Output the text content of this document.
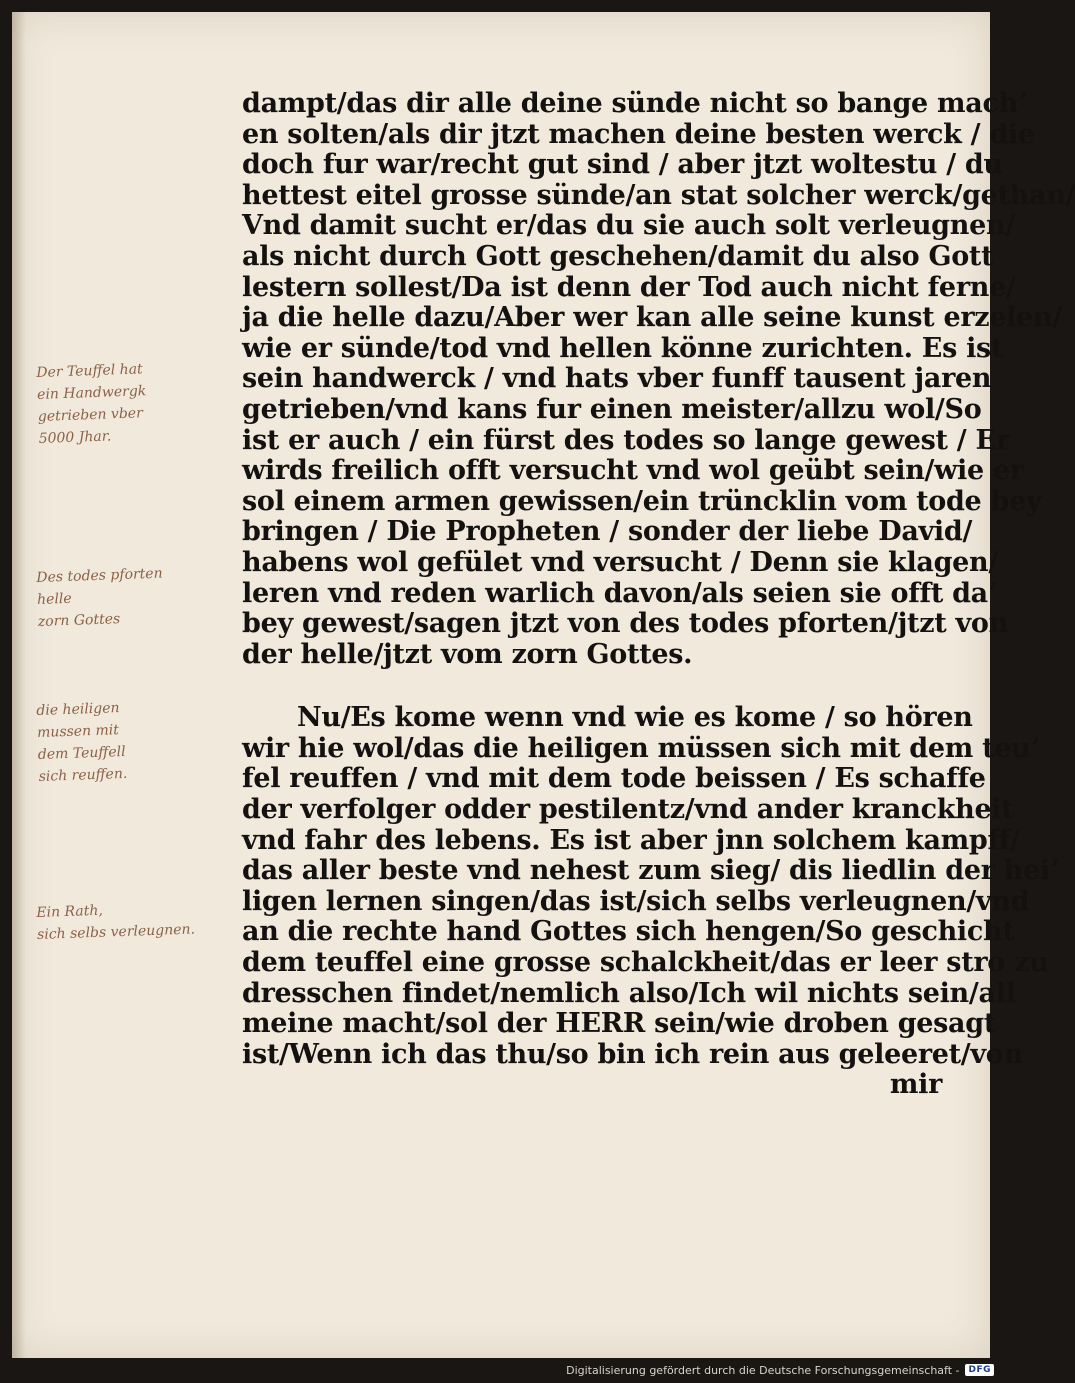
dampt/das dir alle deine sünde nicht so bange machʼ
en solten/als dir jtzt machen deine besten werck / die
doch fur war/recht gut sind / aber jtzt woltestu / du
hettest eitel grosse sünde/an stat solcher werck/gethan/
Vnd damit sucht er/das du sie auch solt verleugnen/
als nicht durch Gott geschehen/damit du also Gott
lestern sollest/Da ist denn der Tod auch nicht ferne/
ja die helle dazu/Aber wer kan alle seine kunst erzelen/
wie er sünde/tod vnd hellen könne zurichten. Es ist
sein handwerck / vnd hats vber funff tausent jaren
getrieben/vnd kans fur einen meister/allzu wol/So
ist er auch / ein fürst des todes so lange gewest / Er
wirds freilich offt versucht vnd wol geübt sein/wie er
sol einem armen gewissen/ein trüncklin vom tode bey
bringen / Die Propheten / sonder der liebe David/
habens wol gefület vnd versucht / Denn sie klagen/
leren vnd reden warlich davon/als seien sie offt daʼ
bey gewest/sagen jtzt von des todes pforten/jtzt von
der helle/jtzt vom zorn Gottes.
Nu/Es kome wenn vnd wie es kome / so hören
wir hie wol/das die heiligen müssen sich mit dem teuʼ
fel reuffen / vnd mit dem tode beissen / Es schaffe
der verfolger odder pestilentz/vnd ander kranckheit
vnd fahr des lebens. Es ist aber jnn solchem kampff/
das aller beste vnd nehest zum sieg/ dis liedlin der heiʼ
ligen lernen singen/das ist/sich selbs verleugnen/vnd
an die rechte hand Gottes sich hengen/So geschicht
dem teuffel eine grosse schalckheit/das er leer stro zu
dresschen findet/nemlich also/Ich wil nichts sein/all
meine macht/sol der HERR sein/wie droben gesagt
ist/Wenn ich das thu/so bin ich rein aus geleeret/von
mir
Der Teuffel hat
ein Handwergk
getrieben vber
5000 Jhar.
Des todes pforten
helle
zorn Gottes
die heiligen
mussen mit
dem Teuffell
sich reuffen.
Ein Rath,
sich selbs verleugnen.
Digitalisierung gefördert durch die Deutsche Forschungsgemeinschaft -	DFG
